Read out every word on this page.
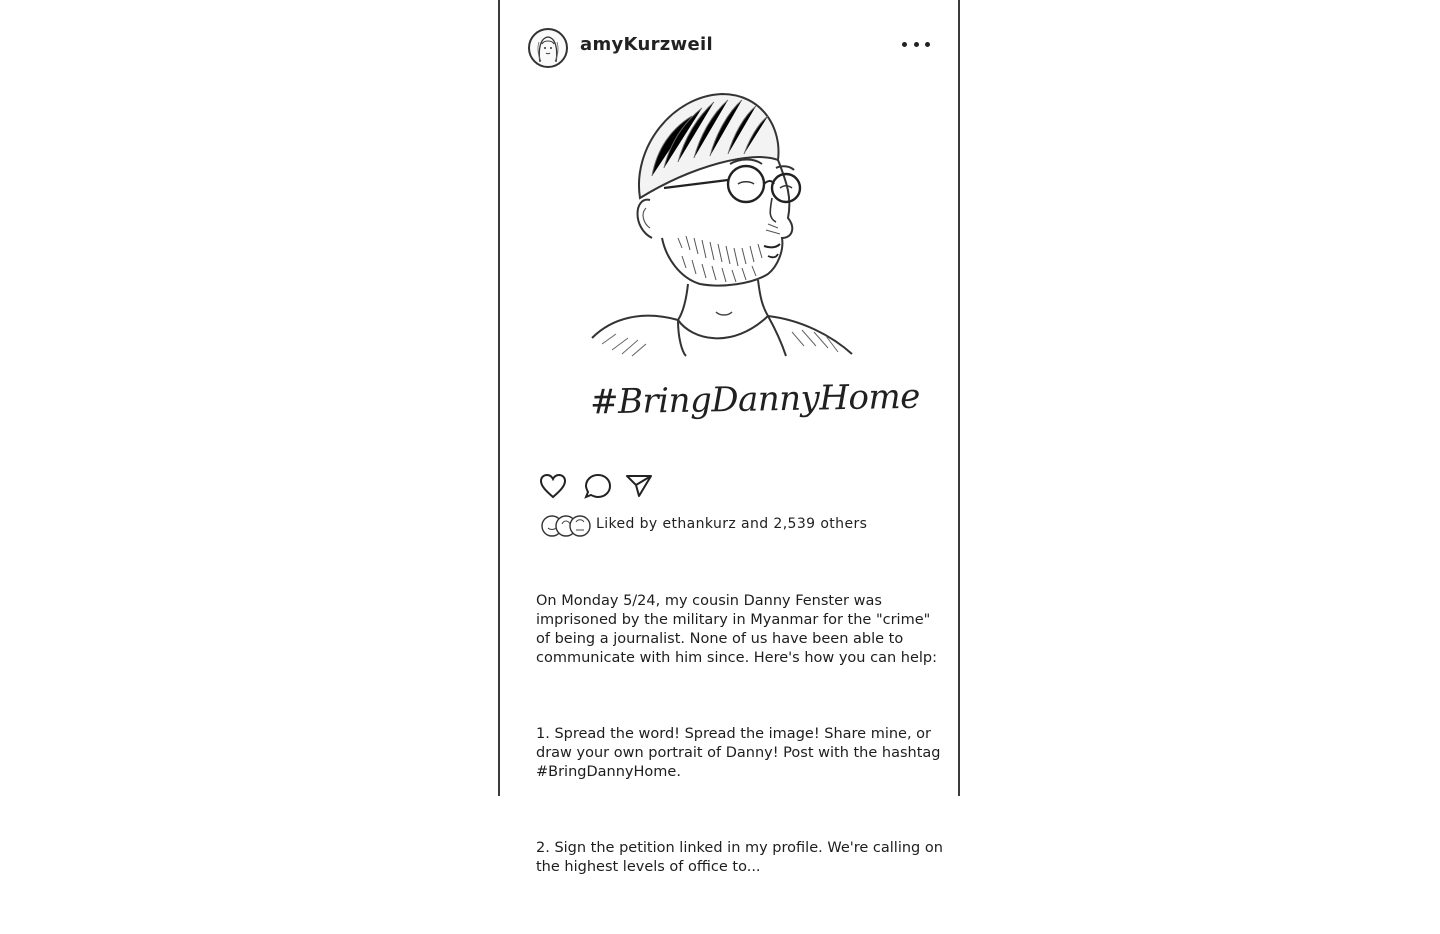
amyKurzweil
#BringDannyHome
Liked by ethankurz and 2,539 others

On Monday 5/24, my cousin Danny Fenster was imprisoned by the military in Myanmar for the "crime" of being a journalist. None of us have been able to communicate with him since. Here's how you can help:

1. Spread the word! Spread the image! Share mine, or draw your own portrait of Danny! Post with the hashtag #BringDannyHome.

2. Sign the petition linked in my profile. We're calling on the highest levels of office to...
